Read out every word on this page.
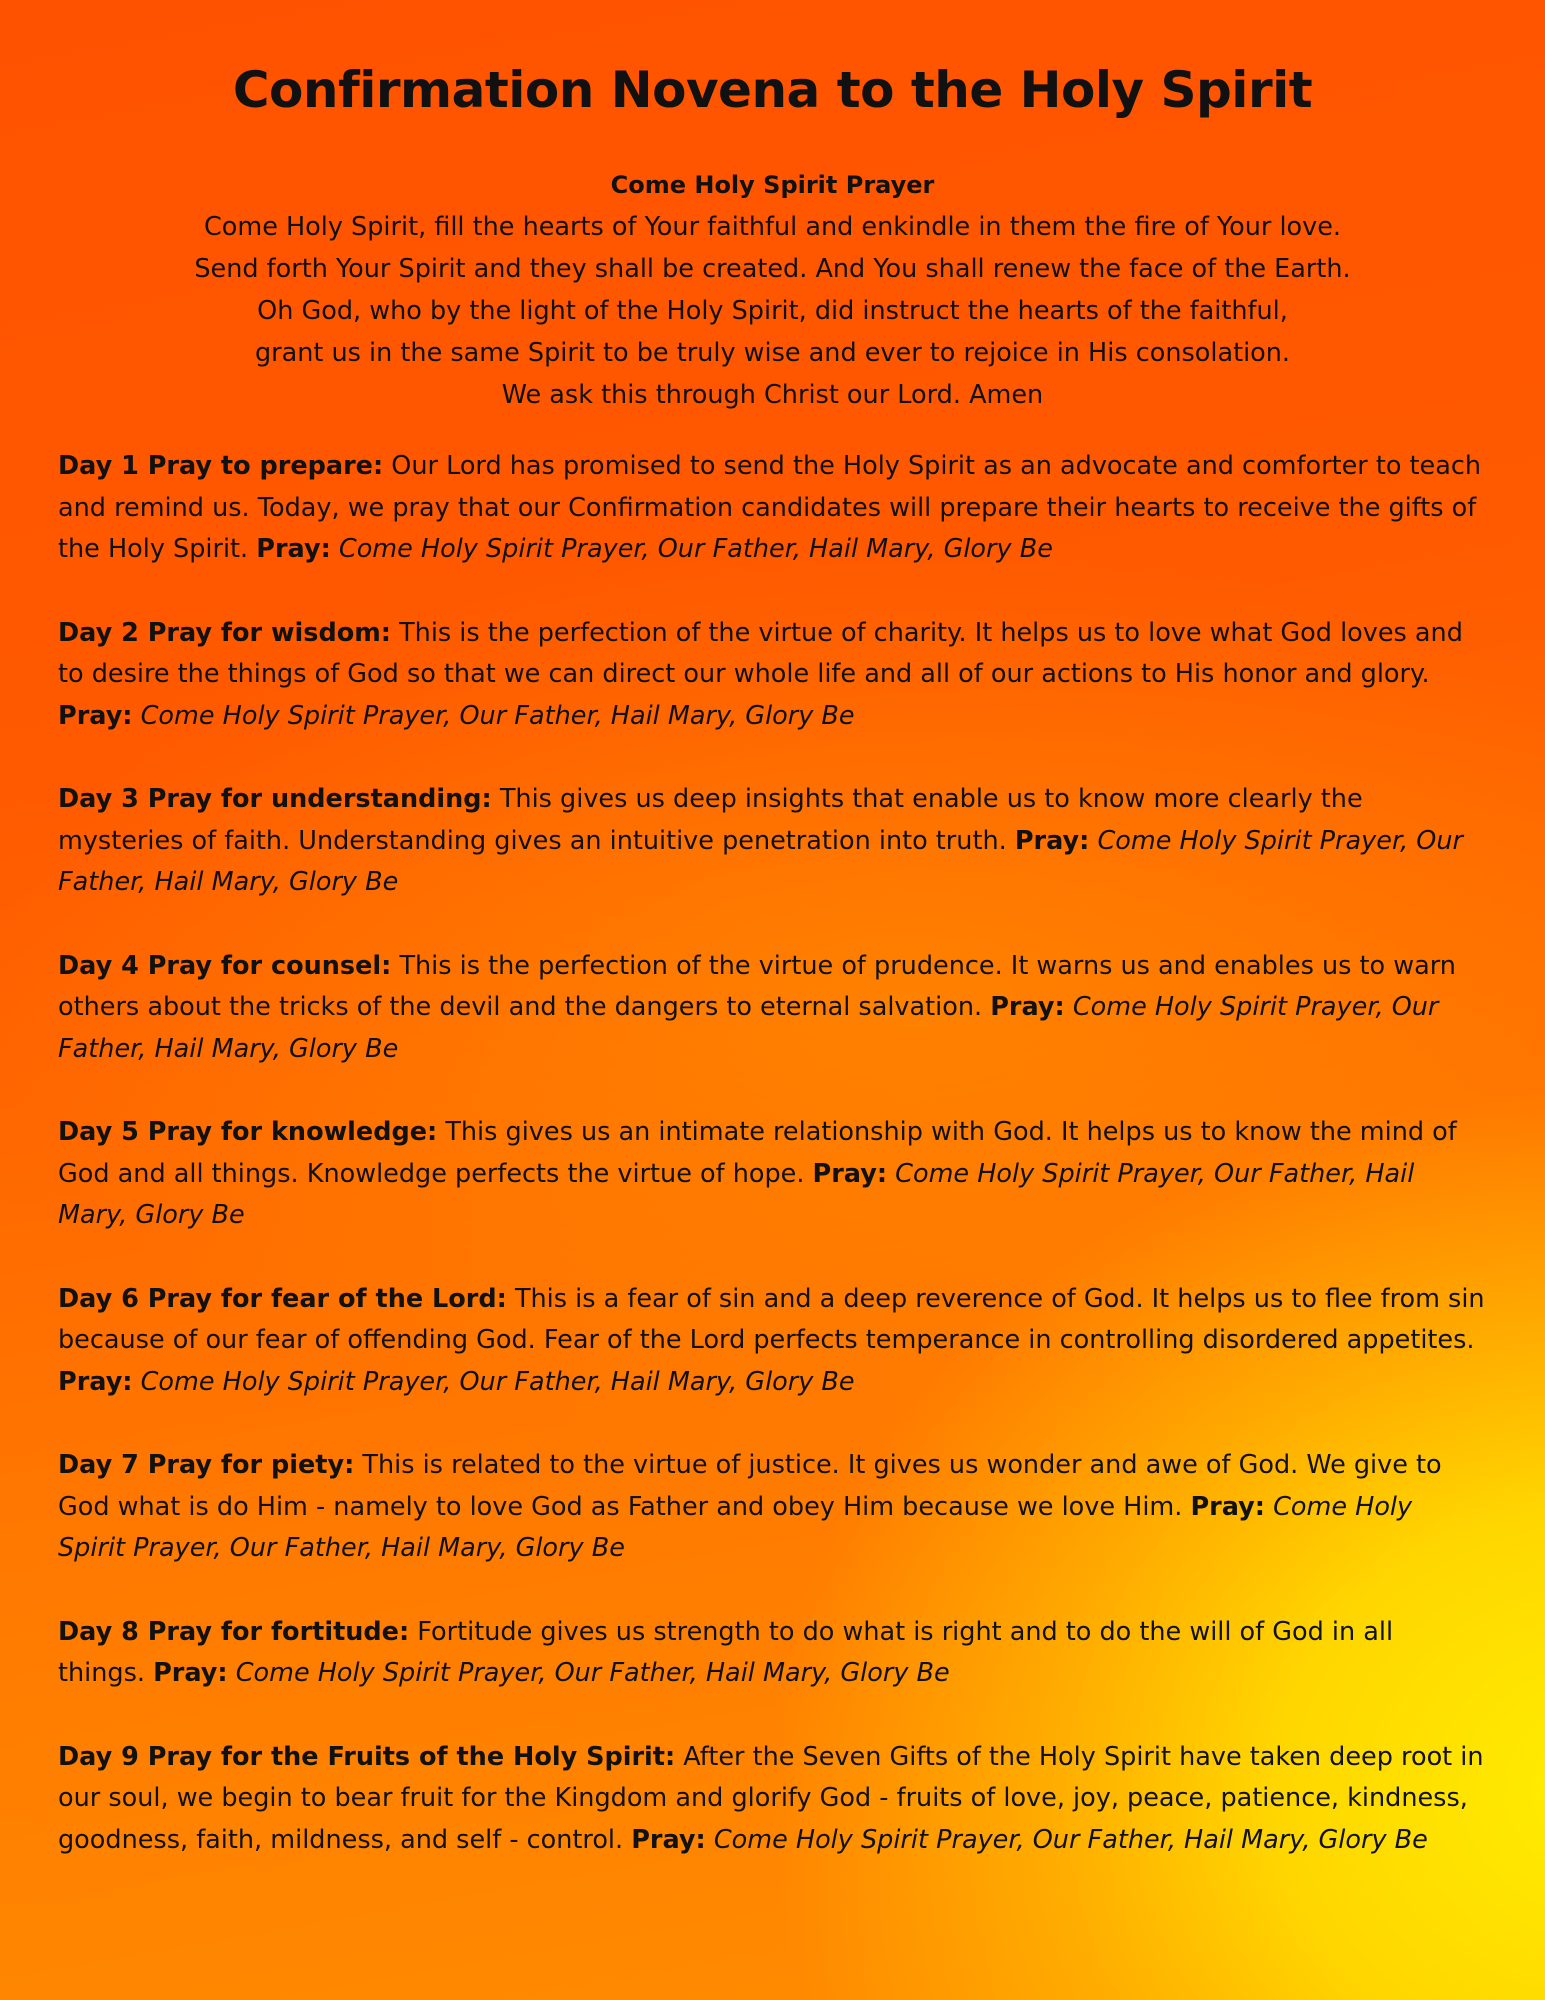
Confirmation Novena to the Holy Spirit
Come Holy Spirit Prayer
Come Holy Spirit, fill the hearts of Your faithful and enkindle in them the fire of Your love.
Send forth Your Spirit and they shall be created. And You shall renew the face of the Earth.
Oh God, who by the light of the Holy Spirit, did instruct the hearts of the faithful,
grant us in the same Spirit to be truly wise and ever to rejoice in His consolation.
We ask this through Christ our Lord. Amen

Day 1 Pray to prepare: Our Lord has promised to send the Holy Spirit as an advocate and comforter to teach and remind us. Today, we pray that our Confirmation candidates will prepare their hearts to receive the gifts of the Holy Spirit. Pray: Come Holy Spirit Prayer, Our Father, Hail Mary, Glory Be

Day 2 Pray for wisdom: This is the perfection of the virtue of charity. It helps us to love what God loves and to desire the things of God so that we can direct our whole life and all of our actions to His honor and glory. Pray: Come Holy Spirit Prayer, Our Father, Hail Mary, Glory Be

Day 3 Pray for understanding: This gives us deep insights that enable us to know more clearly the mysteries of faith. Understanding gives an intuitive penetration into truth. Pray: Come Holy Spirit Prayer, Our Father, Hail Mary, Glory Be

Day 4 Pray for counsel: This is the perfection of the virtue of prudence. It warns us and enables us to warn others about the tricks of the devil and the dangers to eternal salvation. Pray: Come Holy Spirit Prayer, Our Father, Hail Mary, Glory Be

Day 5 Pray for knowledge: This gives us an intimate relationship with God. It helps us to know the mind of God and all things. Knowledge perfects the virtue of hope. Pray: Come Holy Spirit Prayer, Our Father, Hail Mary, Glory Be

Day 6 Pray for fear of the Lord: This is a fear of sin and a deep reverence of God. It helps us to flee from sin because of our fear of offending God. Fear of the Lord perfects temperance in controlling disordered appetites. Pray: Come Holy Spirit Prayer, Our Father, Hail Mary, Glory Be

Day 7 Pray for piety: This is related to the virtue of justice. It gives us wonder and awe of God. We give to God what is do Him - namely to love God as Father and obey Him because we love Him. Pray: Come Holy Spirit Prayer, Our Father, Hail Mary, Glory Be

Day 8 Pray for fortitude: Fortitude gives us strength to do what is right and to do the will of God in all things. Pray: Come Holy Spirit Prayer, Our Father, Hail Mary, Glory Be

Day 9 Pray for the Fruits of the Holy Spirit: After the Seven Gifts of the Holy Spirit have taken deep root in our soul, we begin to bear fruit for the Kingdom and glorify God - fruits of love, joy, peace, patience, kindness, goodness, faith, mildness, and self - control. Pray: Come Holy Spirit Prayer, Our Father, Hail Mary, Glory Be
